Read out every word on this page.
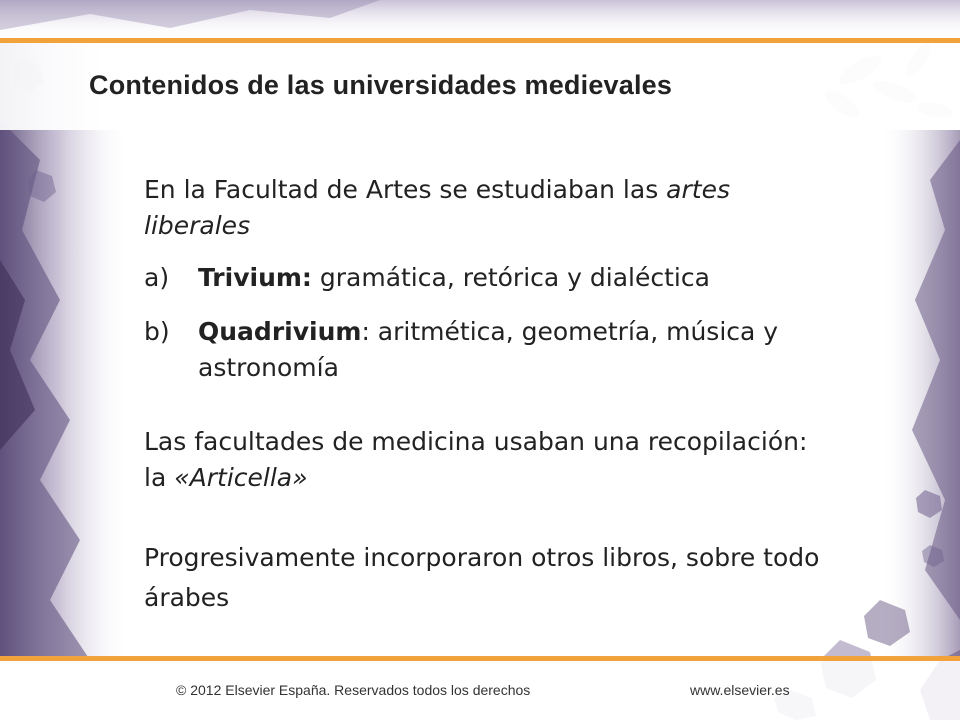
Contenidos de las universidades medievales

En la Facultad de Artes se estudiaban las artes liberales

a) Trivium: gramática, retórica y dialéctica

b) Quadrivium: aritmética, geometría, música y astronomía

Las facultades de medicina usaban una recopilación: la «Articella»

Progresivamente incorporaron otros libros, sobre todo árabes

© 2012 Elsevier España. Reservados todos los derechos	www.elsevier.es
